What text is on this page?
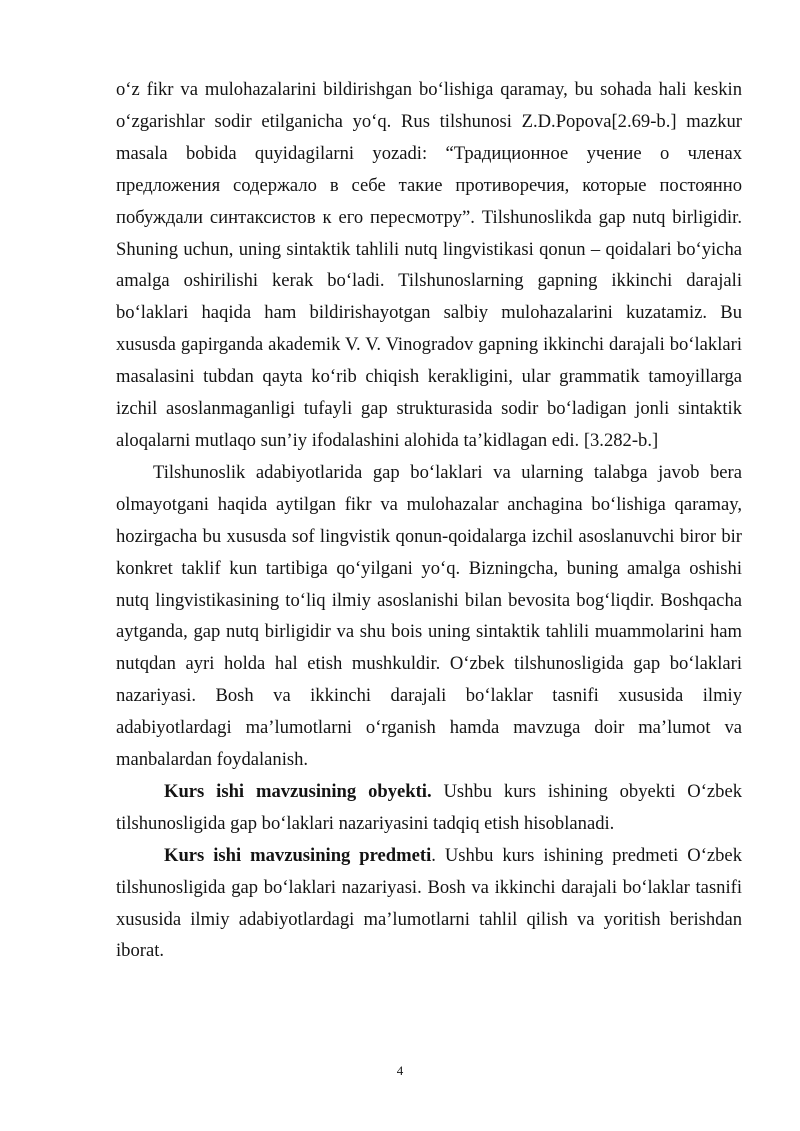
o‘z fikr va mulohazalarini bildirishgan bo‘lishiga qaramay, bu sohada hali keskin o‘zgarishlar sodir etilganicha yo‘q. Rus tilshunosi Z.D.Popova[2.69-b.] mazkur masala bobida quyidagilarni yozadi: “Традиционное учение о членах предложения содержало в себе такие противоречия, которые постоянно побуждали синтаксистов к его пересмотру”. Tilshunoslikda gap nutq birligidir. Shuning uchun, uning sintaktik tahlili nutq lingvistikasi qonun – qoidalari bo‘yicha amalga oshirilishi kerak bo‘ladi. Tilshunoslarning gapning ikkinchi darajali bo‘laklari haqida ham bildirishayotgan salbiy mulohazalarini kuzatamiz. Bu xususda gapirganda akademik V. V. Vinogradov gapning ikkinchi darajali bo‘laklari masalasini tubdan qayta ko‘rib chiqish kerakligini, ular grammatik tamoyillarga izchil asoslanmaganligi tufayli gap strukturasida sodir bo‘ladigan jonli sintaktik aloqalarni mutlaqo sun’iy ifodalashini alohida ta’kidlagan edi. [3.282-b.]

Tilshunoslik adabiyotlarida gap bo‘laklari va ularning talabga javob bera olmayotgani haqida aytilgan fikr va mulohazalar anchagina bo‘lishiga qaramay, hozirgacha bu xususda sof lingvistik qonun-qoidalarga izchil asoslanuvchi biror bir konkret taklif kun tartibiga qo‘yilgani yo‘q. Bizningcha, buning amalga oshishi nutq lingvistikasining to‘liq ilmiy asoslanishi bilan bevosita bog‘liqdir. Boshqacha aytganda, gap nutq birligidir va shu bois uning sintaktik tahlili muammolarini ham nutqdan ayri holda hal etish mushkuldir. O‘zbek tilshunosligida gap bo‘laklari nazariyasi. Bosh va ikkinchi darajali bo‘laklar tasnifi xususida ilmiy adabiyotlardagi ma’lumotlarni o‘rganish hamda mavzuga doir ma’lumot va manbalardan foydalanish.

Kurs ishi mavzusining obyekti. Ushbu kurs ishining obyekti O‘zbek tilshunosligida gap bo‘laklari nazariyasini tadqiq etish hisoblanadi.

Kurs ishi mavzusining predmeti. Ushbu kurs ishining predmeti O‘zbek tilshunosligida gap bo‘laklari nazariyasi. Bosh va ikkinchi darajali bo‘laklar tasnifi xususida ilmiy adabiyotlardagi ma’lumotlarni tahlil qilish va yoritish berishdan iborat.

4
